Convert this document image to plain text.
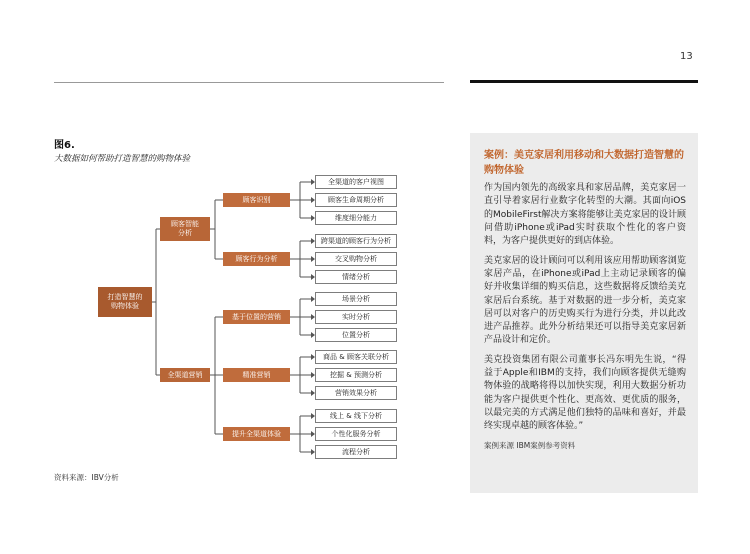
13
图6.
大数据如何帮助打造智慧的购物体验
打造智慧的
购物体验
顾客智能
分析
全渠道营销
顾客识别
顾客行为分析
基于位置的营销
精准营销
提升全渠道体验
全渠道的客户视图
顾客生命周期分析
维度细分能力
跨渠道的顾客行为分析
交叉购物分析
情绪分析
场景分析
实时分析
位置分析
商品 & 顾客关联分析
挖掘 & 预测分析
营销效果分析
线上 & 线下分析
个性化服务分析
流程分析
资料来源：IBV分析
案例：美克家居利用移动和大数据打造智慧的购物体验

作为国内领先的高级家具和家居品牌，美克家居一直引导着家居行业数字化转型的大潮。其面向iOS的MobileFirst解决方案将能够让美克家居的设计顾问借助iPhone或iPad实时获取个性化的客户资料，为客户提供更好的到店体验。

美克家居的设计顾问可以利用该应用帮助顾客浏览家居产品，在iPhone或iPad上主动记录顾客的偏好并收集详细的购买信息，这些数据将反馈给美克家居后台系统。基于对数据的进一步分析，美克家居可以对客户的历史购买行为进行分类，并以此改进产品推荐。此外分析结果还可以指导美克家居新产品设计和定价。

美克投资集团有限公司董事长冯东明先生说，“得益于Apple和IBM的支持，我们向顾客提供无缝购物体验的战略将得以加快实现，利用大数据分析功能为客户提供更个性化、更高效、更优质的服务，以最完美的方式满足他们独特的品味和喜好，并最终实现卓越的顾客体验。”

案例来源 IBM案例参考资料
